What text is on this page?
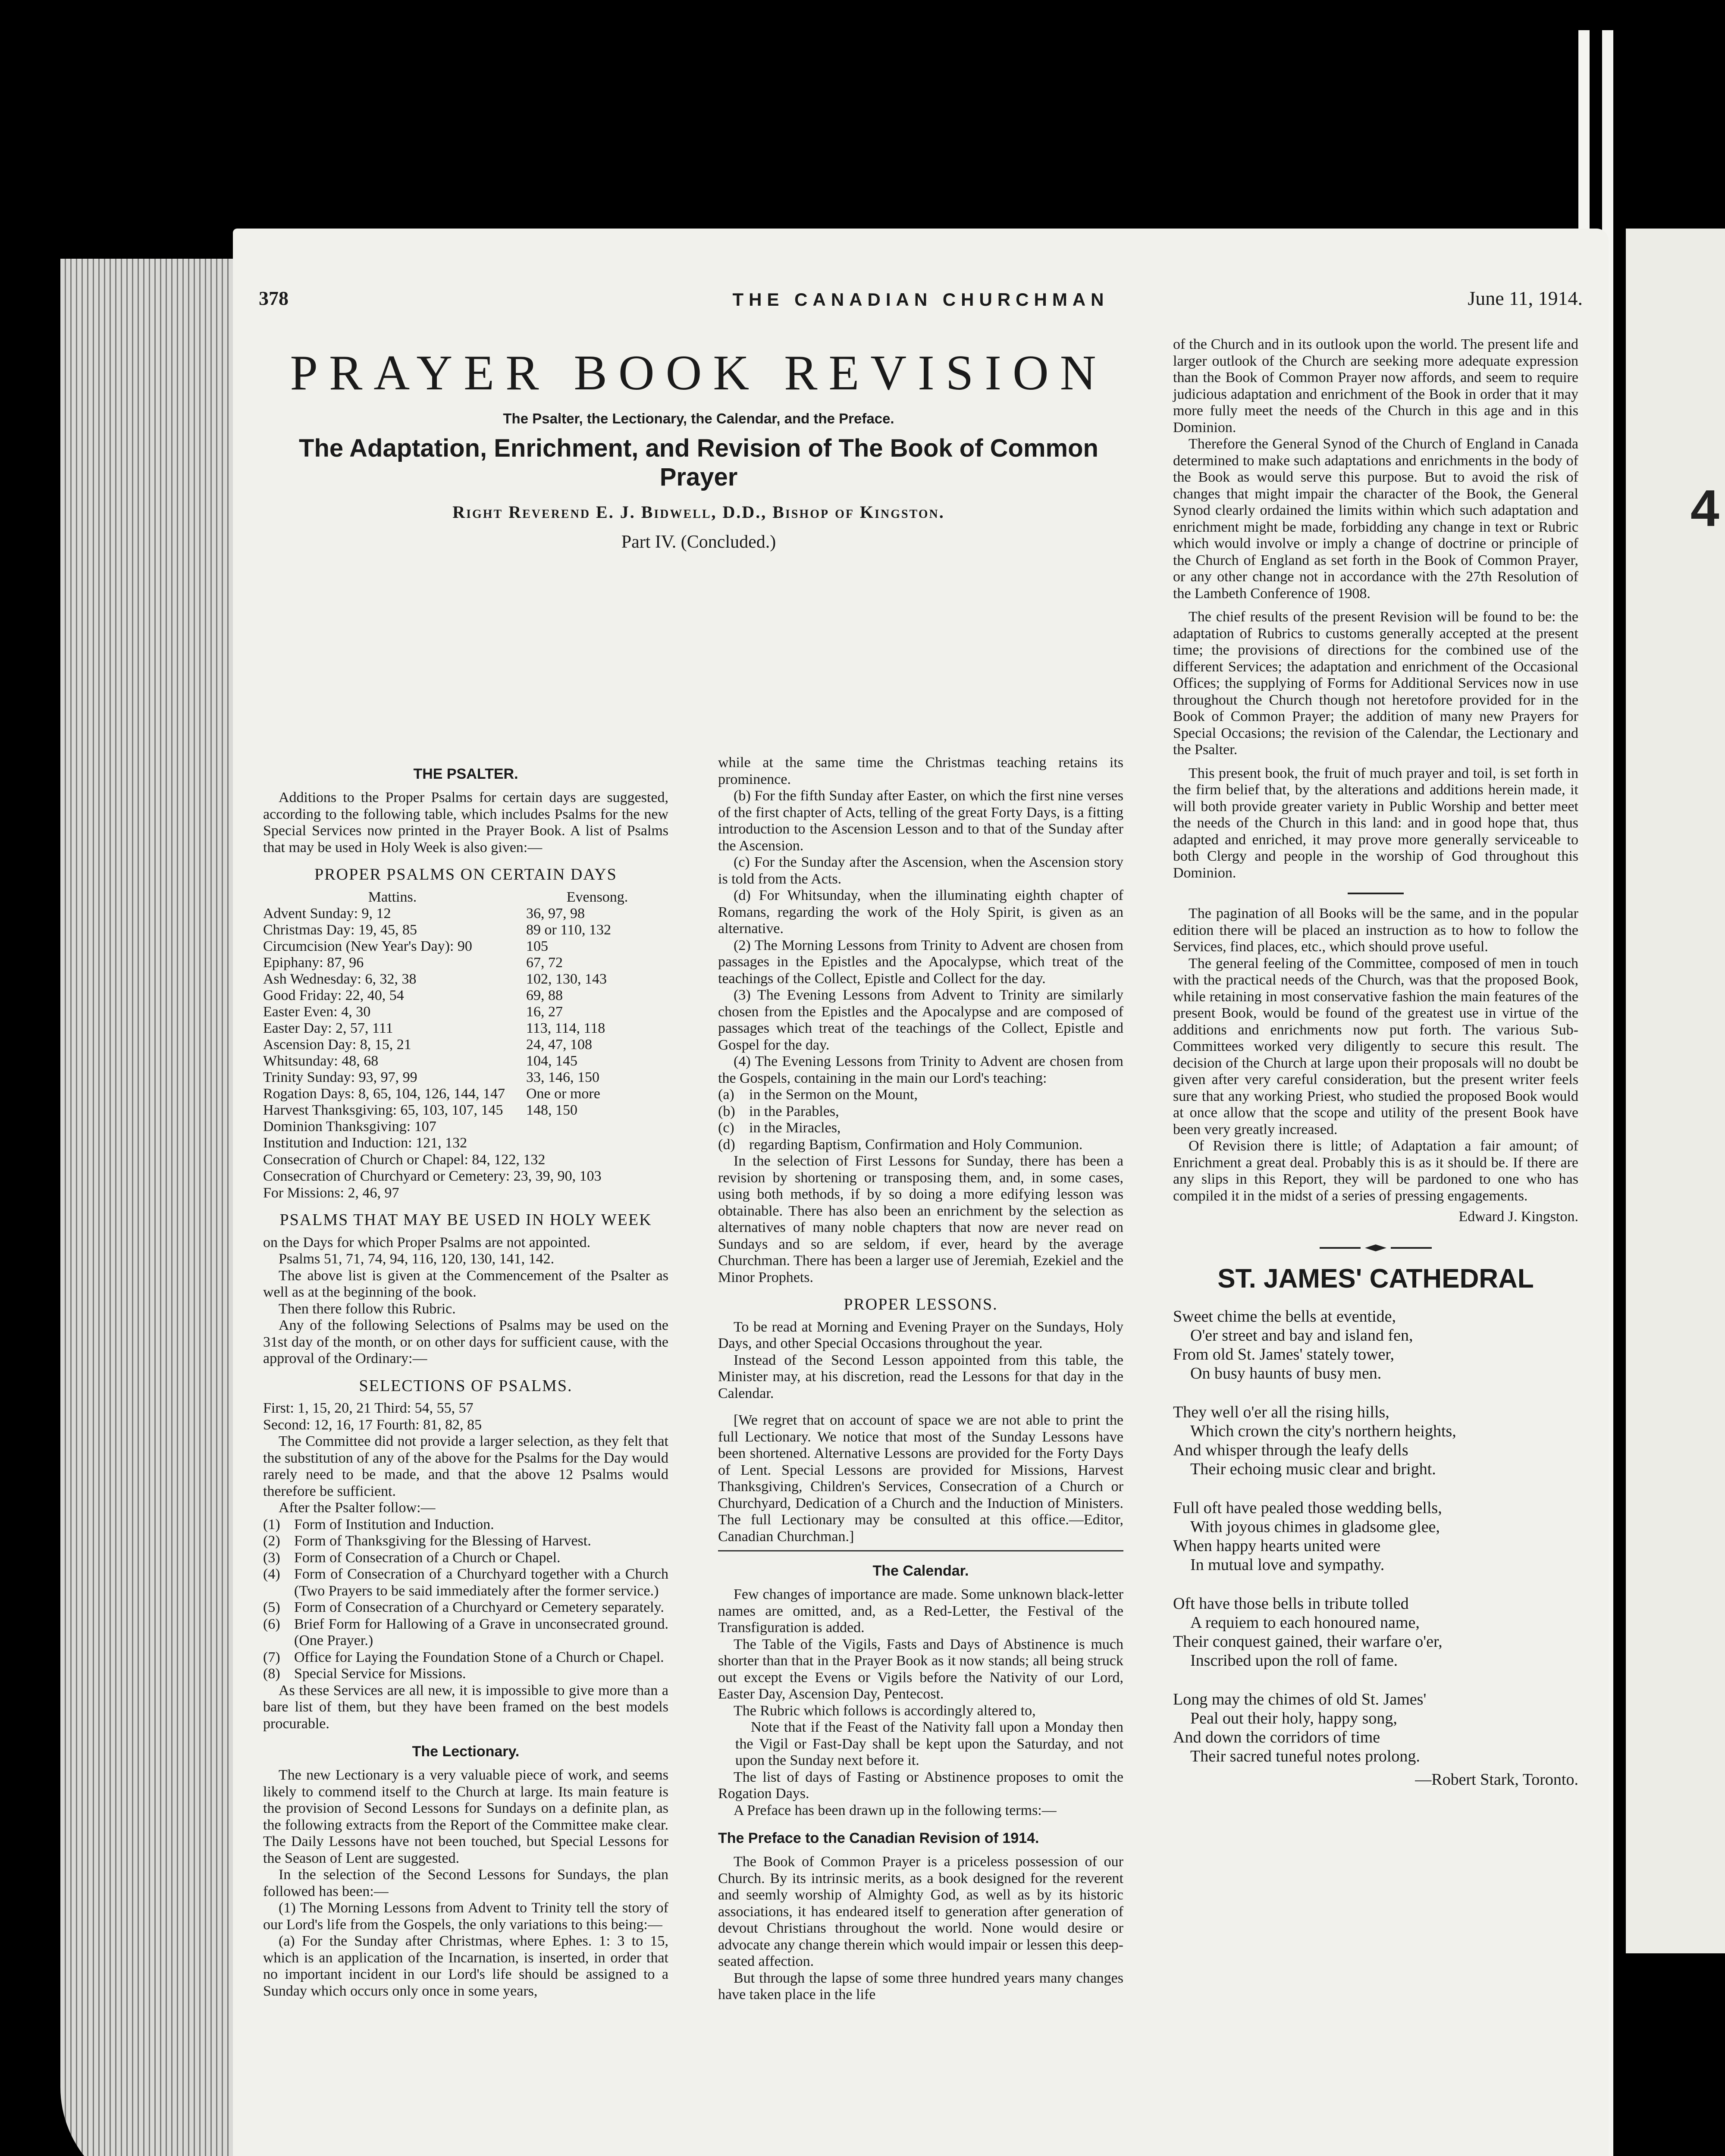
4
378	THE CANADIAN CHURCHMAN	June 11, 1914.
PRAYER BOOK REVISION
The Psalter, the Lectionary, the Calendar, and the Preface.
The Adaptation, Enrichment, and Revision of The Book of Common Prayer
Right Reverend E. J. Bidwell, D.D., Bishop of Kingston.
Part IV. (Concluded.)
THE PSALTER.

Additions to the Proper Psalms for certain days are suggested, according to the following table, which includes Psalms for the new Special Services now printed in the Prayer Book. A list of Psalms that may be used in Holy Week is also given:—

PROPER PSALMS ON CERTAIN DAYS
Mattins.	Evensong.
Advent Sunday: 9, 12	36, 97, 98
Christmas Day: 19, 45, 85	89 or 110, 132
Circumcision (New Year's Day): 90	105
Epiphany: 87, 96	67, 72
Ash Wednesday: 6, 32, 38	102, 130, 143
Good Friday: 22, 40, 54	69, 88
Easter Even: 4, 30	16, 27
Easter Day: 2, 57, 111	113, 114, 118
Ascension Day: 8, 15, 21	24, 47, 108
Whitsunday: 48, 68	104, 145
Trinity Sunday: 93, 97, 99	33, 146, 150
Rogation Days: 8, 65, 104, 126, 144, 147	One or more
Harvest Thanksgiving: 65, 103, 107, 145	148, 150

Dominion Thanksgiving: 107

Institution and Induction: 121, 132

Consecration of Church or Chapel: 84, 122, 132

Consecration of Churchyard or Cemetery: 23, 39, 90, 103

For Missions: 2, 46, 97

PSALMS THAT MAY BE USED IN HOLY WEEK

on the Days for which Proper Psalms are not appointed.

Psalms 51, 71, 74, 94, 116, 120, 130, 141, 142.

The above list is given at the Commencement of the Psalter as well as at the beginning of the book.

Then there follow this Rubric.

Any of the following Selections of Psalms may be used on the 31st day of the month, or on other days for sufficient cause, with the approval of the Ordinary:—

SELECTIONS OF PSALMS.

First: 1, 15, 20, 21 Third: 54, 55, 57

Second: 12, 16, 17 Fourth: 81, 82, 85

The Committee did not provide a larger selection, as they felt that the substitution of any of the above for the Psalms for the Day would rarely need to be made, and that the above 12 Psalms would therefore be sufficient.

After the Psalter follow:—

(1) Form of Institution and Induction.
(2) Form of Thanksgiving for the Blessing of Harvest.
(3) Form of Consecration of a Church or Chapel.
(4) Form of Consecration of a Churchyard together with a Church (Two Prayers to be said immediately after the former service.)
(5) Form of Consecration of a Churchyard or Cemetery separately.
(6) Brief Form for Hallowing of a Grave in unconsecrated ground. (One Prayer.)
(7) Office for Laying the Foundation Stone of a Church or Chapel.
(8) Special Service for Missions.

As these Services are all new, it is impossible to give more than a bare list of them, but they have been framed on the best models procurable.

The Lectionary.

The new Lectionary is a very valuable piece of work, and seems likely to commend itself to the Church at large. Its main feature is the provision of Second Lessons for Sundays on a definite plan, as the following extracts from the Report of the Committee make clear. The Daily Lessons have not been touched, but Special Lessons for the Season of Lent are suggested.

In the selection of the Second Lessons for Sundays, the plan followed has been:—

(1) The Morning Lessons from Advent to Trinity tell the story of our Lord's life from the Gospels, the only variations to this being:—

(a) For the Sunday after Christmas, where Ephes. 1: 3 to 15, which is an application of the Incarnation, is inserted, in order that no important incident in our Lord's life should be assigned to a Sunday which occurs only once in some years,

while at the same time the Christmas teaching retains its prominence.

(b) For the fifth Sunday after Easter, on which the first nine verses of the first chapter of Acts, telling of the great Forty Days, is a fitting introduction to the Ascension Lesson and to that of the Sunday after the Ascension.

(c) For the Sunday after the Ascension, when the Ascension story is told from the Acts.

(d) For Whitsunday, when the illuminating eighth chapter of Romans, regarding the work of the Holy Spirit, is given as an alternative.

(2) The Morning Lessons from Trinity to Advent are chosen from passages in the Epistles and the Apocalypse, which treat of the teachings of the Collect, Epistle and Collect for the day.

(3) The Evening Lessons from Advent to Trinity are similarly chosen from the Epistles and the Apocalypse and are composed of passages which treat of the teachings of the Collect, Epistle and Gospel for the day.

(4) The Evening Lessons from Trinity to Advent are chosen from the Gospels, containing in the main our Lord's teaching:

(a)	in the Sermon on the Mount,
(b) in the Parables,
(c)	in the Miracles,
(d) regarding Baptism, Confirmation and Holy Communion.

In the selection of First Lessons for Sunday, there has been a revision by shortening or transposing them, and, in some cases, using both methods, if by so doing a more edifying lesson was obtainable. There has also been an enrichment by the selection as alternatives of many noble chapters that now are never read on Sundays and so are seldom, if ever, heard by the average Churchman. There has been a larger use of Jeremiah, Ezekiel and the Minor Prophets.

PROPER LESSONS.

To be read at Morning and Evening Prayer on the Sundays, Holy Days, and other Special Occasions throughout the year.

Instead of the Second Lesson appointed from this table, the Minister may, at his discretion, read the Lessons for that day in the Calendar.

[We regret that on account of space we are not able to print the full Lectionary. We notice that most of the Sunday Lessons have been shortened. Alternative Lessons are provided for the Forty Days of Lent. Special Lessons are provided for Missions, Harvest Thanksgiving, Children's Services, Consecration of a Church or Churchyard, Dedication of a Church and the Induction of Ministers. The full Lectionary may be consulted at this office.—Editor, Canadian Churchman.]

The Calendar.

Few changes of importance are made. Some unknown black-letter names are omitted, and, as a Red-Letter, the Festival of the Transfiguration is added.

The Table of the Vigils, Fasts and Days of Abstinence is much shorter than that in the Prayer Book as it now stands; all being struck out except the Evens or Vigils before the Nativity of our Lord, Easter Day, Ascension Day, Pentecost.

The Rubric which follows is accordingly altered to,

Note that if the Feast of the Nativity fall upon a Monday then the Vigil or Fast-Day shall be kept upon the Saturday, and not upon the Sunday next before it.

The list of days of Fasting or Abstinence proposes to omit the Rogation Days.

A Preface has been drawn up in the following terms:—

The Preface to the Canadian Revision of 1914.

The Book of Common Prayer is a priceless possession of our Church. By its intrinsic merits, as a book designed for the reverent and seemly worship of Almighty God, as well as by its historic associations, it has endeared itself to generation after generation of devout Christians throughout the world. None would desire or advocate any change therein which would impair or lessen this deep-seated affection.

But through the lapse of some three hundred years many changes have taken place in the life

of the Church and in its outlook upon the world. The present life and larger outlook of the Church are seeking more adequate expression than the Book of Common Prayer now affords, and seem to require judicious adaptation and enrichment of the Book in order that it may more fully meet the needs of the Church in this age and in this Dominion.

Therefore the General Synod of the Church of England in Canada determined to make such adaptations and enrichments in the body of the Book as would serve this purpose. But to avoid the risk of changes that might impair the character of the Book, the General Synod clearly ordained the limits within which such adaptation and enrichment might be made, forbidding any change in text or Rubric which would involve or imply a change of doctrine or principle of the Church of England as set forth in the Book of Common Prayer, or any other change not in accordance with the 27th Resolution of the Lambeth Conference of 1908.

The chief results of the present Revision will be found to be: the adaptation of Rubrics to customs generally accepted at the present time; the provisions of directions for the combined use of the different Services; the adaptation and enrichment of the Occasional Offices; the supplying of Forms for Additional Services now in use throughout the Church though not heretofore provided for in the Book of Common Prayer; the addition of many new Prayers for Special Occasions; the revision of the Calendar, the Lectionary and the Psalter.

This present book, the fruit of much prayer and toil, is set forth in the firm belief that, by the alterations and additions herein made, it will both provide greater variety in Public Worship and better meet the needs of the Church in this land: and in good hope that, thus adapted and enriched, it may prove more generally serviceable to both Clergy and people in the worship of God throughout this Dominion.

The pagination of all Books will be the same, and in the popular edition there will be placed an instruction as to how to follow the Services, find places, etc., which should prove useful.

The general feeling of the Committee, composed of men in touch with the practical needs of the Church, was that the proposed Book, while retaining in most conservative fashion the main features of the present Book, would be found of the greatest use in virtue of the additions and enrichments now put forth. The various Sub-Committees worked very diligently to secure this result. The decision of the Church at large upon their proposals will no doubt be given after very careful consideration, but the present writer feels sure that any working Priest, who studied the proposed Book would at once allow that the scope and utility of the present Book have been very greatly increased.

Of Revision there is little; of Adaptation a fair amount; of Enrichment a great deal. Probably this is as it should be. If there are any slips in this Report, they will be pardoned to one who has compiled it in the midst of a series of pressing engagements.

Edward J. Kingston.
ST. JAMES' CATHEDRAL
Sweet chime the bells at eventide,
O'er street and bay and island fen,
From old St. James' stately tower,
On busy haunts of busy men.
They well o'er all the rising hills,
Which crown the city's northern heights,
And whisper through the leafy dells
Their echoing music clear and bright.
Full oft have pealed those wedding bells,
With joyous chimes in gladsome glee,
When happy hearts united were
In mutual love and sympathy.
Oft have those bells in tribute tolled
A requiem to each honoured name,
Their conquest gained, their warfare o'er,
Inscribed upon the roll of fame.
Long may the chimes of old St. James'
Peal out their holy, happy song,
And down the corridors of time
Their sacred tuneful notes prolong.
—Robert Stark, Toronto.
